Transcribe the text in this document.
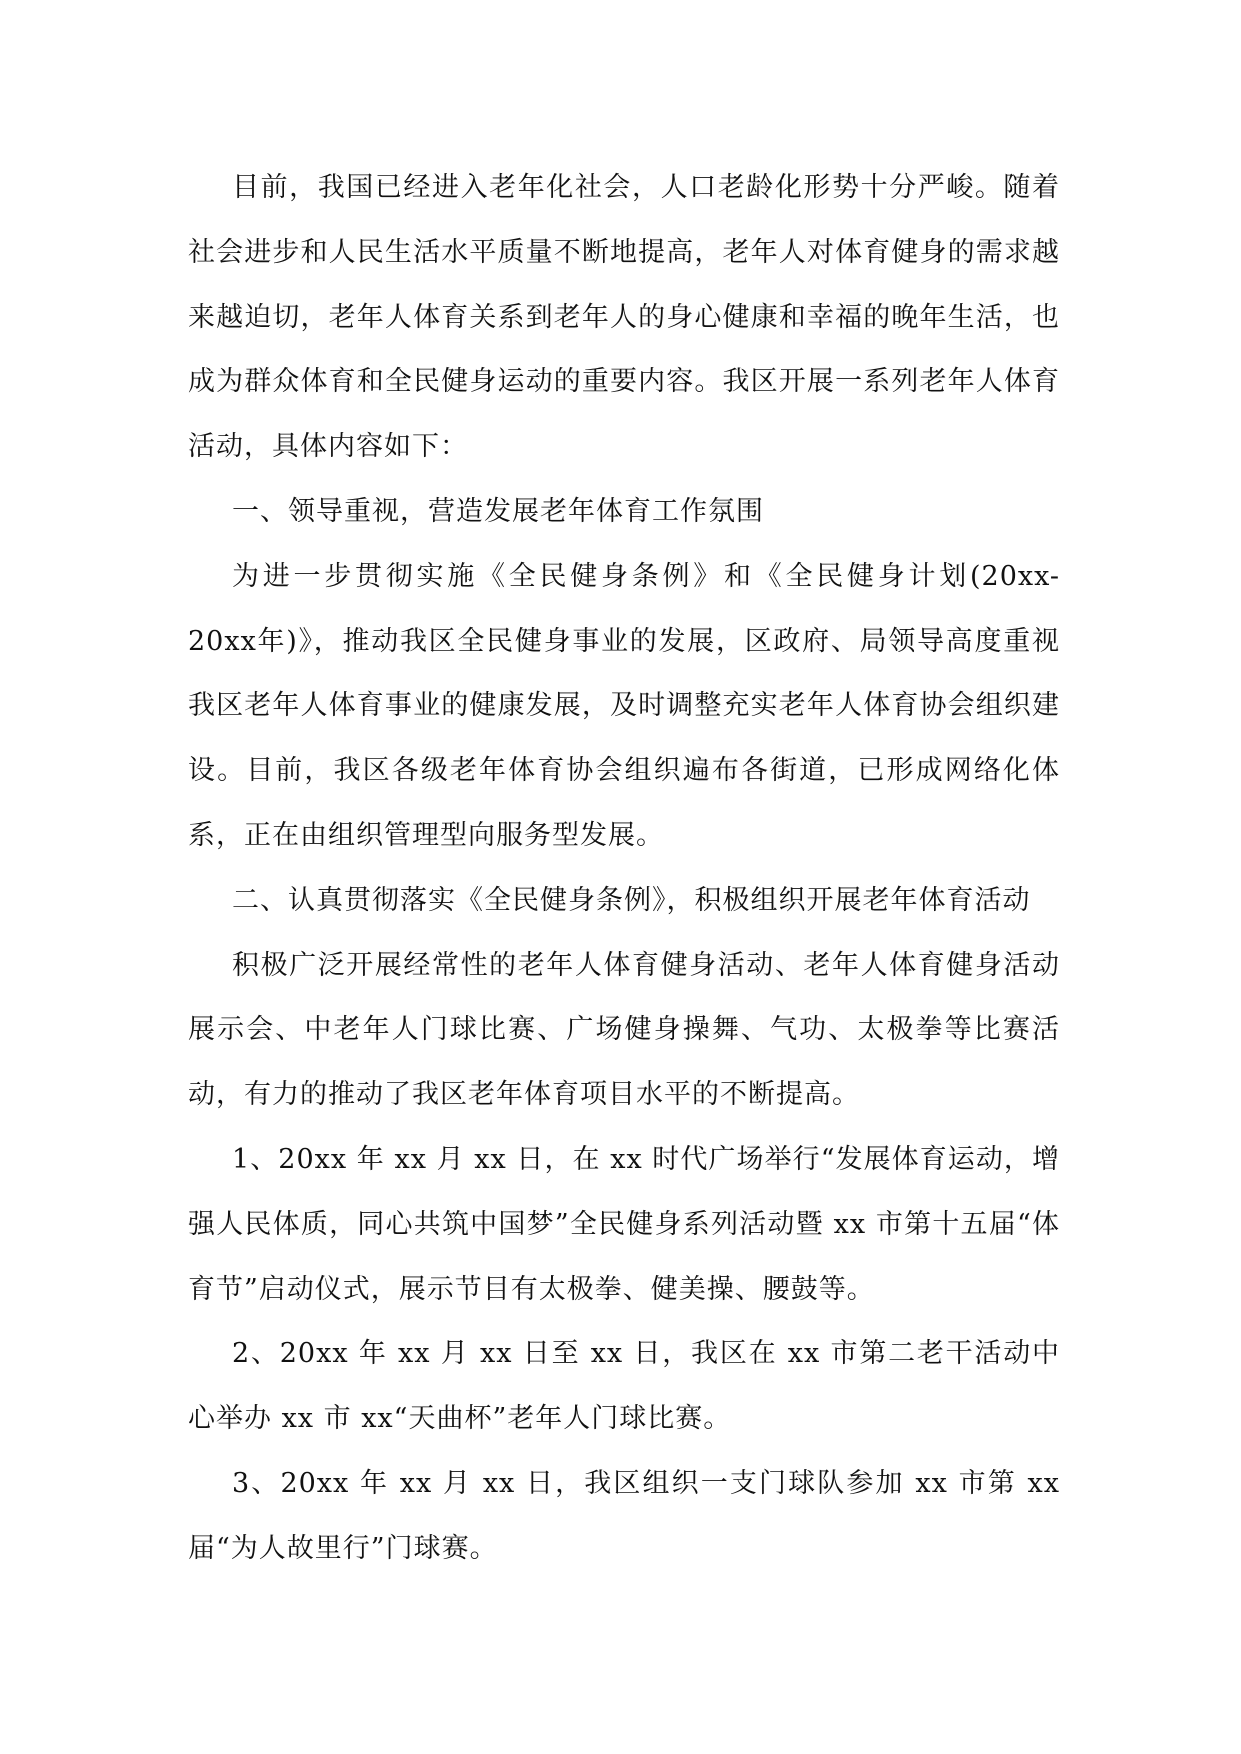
目前，我国已经进入老年化社会，人口老龄化形势十分严峻。随着社会进步和人民生活水平质量不断地提高，老年人对体育健身的需求越来越迫切，老年人体育关系到老年人的身心健康和幸福的晚年生活，也成为群众体育和全民健身运动的重要内容。我区开展一系列老年人体育活动，具体内容如下：

一、领导重视，营造发展老年体育工作氛围

为进一步贯彻实施《全民健身条例》和《全民健身计划(20xx-20xx年)》，推动我区全民健身事业的发展，区政府、局领导高度重视我区老年人体育事业的健康发展，及时调整充实老年人体育协会组织建设。目前，我区各级老年体育协会组织遍布各街道，已形成网络化体系，正在由组织管理型向服务型发展。

二、认真贯彻落实《全民健身条例》，积极组织开展老年体育活动

积极广泛开展经常性的老年人体育健身活动、老年人体育健身活动展示会、中老年人门球比赛、广场健身操舞、气功、太极拳等比赛活动，有力的推动了我区老年体育项目水平的不断提高。

1、20xx 年 xx 月 xx 日，在 xx 时代广场举行“发展体育运动，增强人民体质，同心共筑中国梦”全民健身系列活动暨 xx 市第十五届“体育节”启动仪式，展示节目有太极拳、健美操、腰鼓等。

2、20xx 年 xx 月 xx 日至 xx 日，我区在 xx 市第二老干活动中心举办 xx 市 xx“天曲杯”老年人门球比赛。

3、20xx 年 xx 月 xx 日，我区组织一支门球队参加 xx 市第 xx 届“为人故里行”门球赛。
